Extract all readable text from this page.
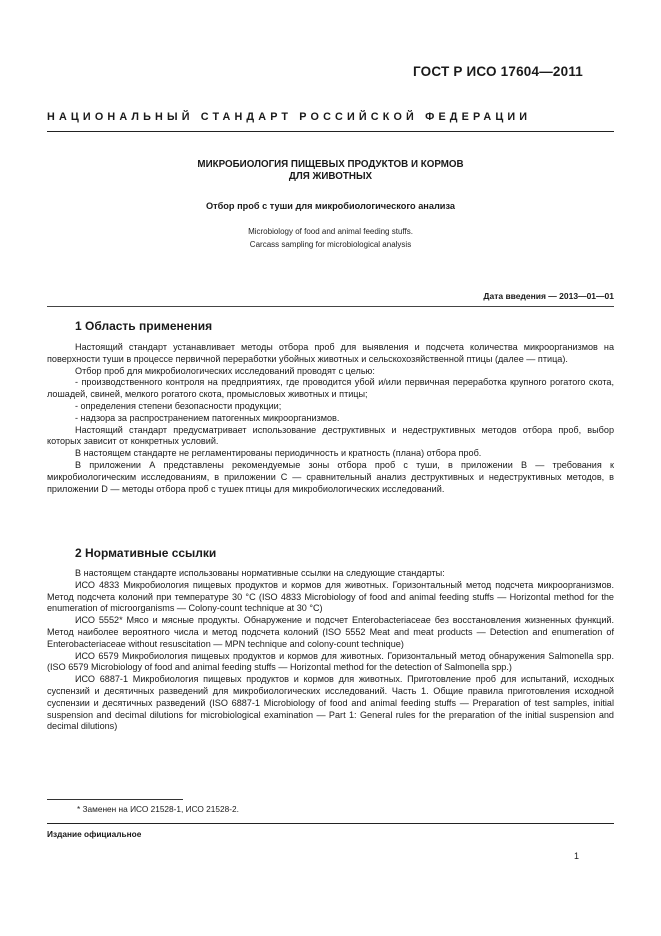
ГОСТ Р ИСО 17604—2011
НАЦИОНАЛЬНЫЙ СТАНДАРТ РОССИЙСКОЙ ФЕДЕРАЦИИ
МИКРОБИОЛОГИЯ ПИЩЕВЫХ ПРОДУКТОВ И КОРМОВ
ДЛЯ ЖИВОТНЫХ
Отбор проб с туши для микробиологического анализа
Microbiology of food and animal feeding stuffs.
Carcass sampling for microbiological analysis
Дата введения — 2013—01—01
1 Область применения

Настоящий стандарт устанавливает методы отбора проб для выявления и подсчета количества микроорганизмов на поверхности туши в процессе первичной переработки убойных животных и сельскохозяйственной птицы (далее — птица).

Отбор проб для микробиологических исследований проводят с целью:

- производственного контроля на предприятиях, где проводится убой и/или первичная переработка крупного рогатого скота, лошадей, свиней, мелкого рогатого скота, промысловых животных и птицы;

- определения степени безопасности продукции;

- надзора за распространением патогенных микроорганизмов.

Настоящий стандарт предусматривает использование деструктивных и недеструктивных методов отбора проб, выбор которых зависит от конкретных условий.

В настоящем стандарте не регламентированы периодичность и кратность (плана) отбора проб.

В приложении А представлены рекомендуемые зоны отбора проб с туши, в приложении В — требования к микробиологическим исследованиям, в приложении С — сравнительный анализ деструктивных и недеструктивных методов, в приложении D — методы отбора проб с тушек птицы для микробиологических исследований.

2 Нормативные ссылки

В настоящем стандарте использованы нормативные ссылки на следующие стандарты:

ИСО 4833 Микробиология пищевых продуктов и кормов для животных. Горизонтальный метод подсчета микроорганизмов. Метод подсчета колоний при температуре 30 °С (ISO 4833 Microbiology of food and animal feeding stuffs — Horizontal method for the enumeration of microorganisms — Colony-count technique at 30 °C)

ИСО 5552* Мясо и мясные продукты. Обнаружение и подсчет Enterobacteriaceae без восстановления жизненных функций. Метод наиболее вероятного числа и метод подсчета колоний (ISO 5552 Meat and meat products — Detection and enumeration of Enterobacteriaceae without resuscitation — MPN technique and colony-count technique)

ИСО 6579 Микробиология пищевых продуктов и кормов для животных. Горизонтальный метод обнаружения Salmonella spp. (ISO 6579 Microbiology of food and animal feeding stuffs — Horizontal method for the detection of Salmonella spp.)

ИСО 6887-1 Микробиология пищевых продуктов и кормов для животных. Приготовление проб для испытаний, исходных суспензий и десятичных разведений для микробиологических исследований. Часть 1. Общие правила приготовления исходной суспензии и десятичных разведений (ISO 6887-1 Microbiology of food and animal feeding stuffs — Preparation of test samples, initial suspension and decimal dilutions for microbiological examination — Part 1: General rules for the preparation of the initial suspension and decimal dilutions)

* Заменен на ИСО 21528-1, ИСО 21528-2.
Издание официальное
1
